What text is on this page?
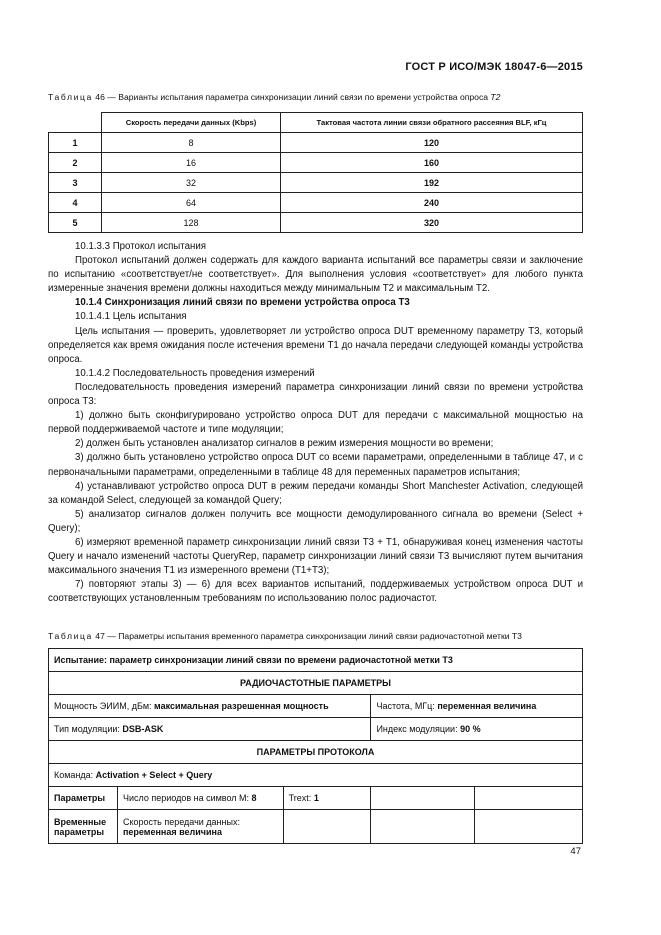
ГОСТ Р ИСО/МЭК 18047-6—2015
Таблица 46 — Варианты испытания параметра синхронизации линий связи по времени устройства опроса T2
	Скорость передачи данных (Kbps)	Тактовая частота линии связи обратного рассеяния BLF, кГц
1	8	120
2	16	160
3	32	192
4	64	240
5	128	320

10.1.3.3 Протокол испытания

Протокол испытаний должен содержать для каждого варианта испытаний все параметры связи и заключение по испытанию «соответствует/не соответствует». Для выполнения условия «соответствует» для любого пункта измеренные значения времени должны находиться между минимальным T2 и максимальным T2.

10.1.4 Синхронизация линий связи по времени устройства опроса T3

10.1.4.1 Цель испытания

Цель испытания — проверить, удовлетворяет ли устройство опроса DUT временному параметру T3, который определяется как время ожидания после истечения времени T1 до начала передачи следующей команды устройства опроса.

10.1.4.2 Последовательность проведения измерений

Последовательность проведения измерений параметра синхронизации линий связи по времени устройства опроса T3:

1) должно быть сконфигурировано устройство опроса DUT для передачи с максимальной мощностью на первой поддерживаемой частоте и типе модуляции;

2) должен быть установлен анализатор сигналов в режим измерения мощности во времени;

3) должно быть установлено устройство опроса DUT со всеми параметрами, определенными в таблице 47, и с первоначальными параметрами, определенными в таблице 48 для переменных параметров испытания;

4) устанавливают устройство опроса DUT в режим передачи команды Short Manchester Activation, следующей за командой Select, следующей за командой Query;

5) анализатор сигналов должен получить все мощности демодулированного сигнала во времени (Select + Query);

6) измеряют временной параметр синхронизации линий связи T3 + T1, обнаруживая конец изменения частоты Query и начало изменений частоты QueryRep, параметр синхронизации линий связи T3 вычисляют путем вычитания максимального значения T1 из измеренного времени (T1+T3);

7) повторяют этапы 3) — 6) для всех вариантов испытаний, поддерживаемых устройством опроса DUT и соответствующих установленным требованиям по использованию полос радиочастот.

Таблица 47 — Параметры испытания временного параметра синхронизации линий связи радиочастотной метки T3
Испытание: параметр синхронизации линий связи по времени радиочастотной метки T3				
РАДИОЧАСТОТНЫЕ ПАРАМЕТРЫ				
Мощность ЭИИМ, дБм: максимальная разрешенная мощность			Частота, МГц: переменная величина	
Тип модуляции: DSB-ASK			Индекс модуляции: 90 %	
ПАРАМЕТРЫ ПРОТОКОЛА				
Команда: Activation + Select + Query				
Параметры	Число периодов на символ М: 8	Trext: 1		
Временные параметры	Скорость передачи данных:
переменная величина			
47
